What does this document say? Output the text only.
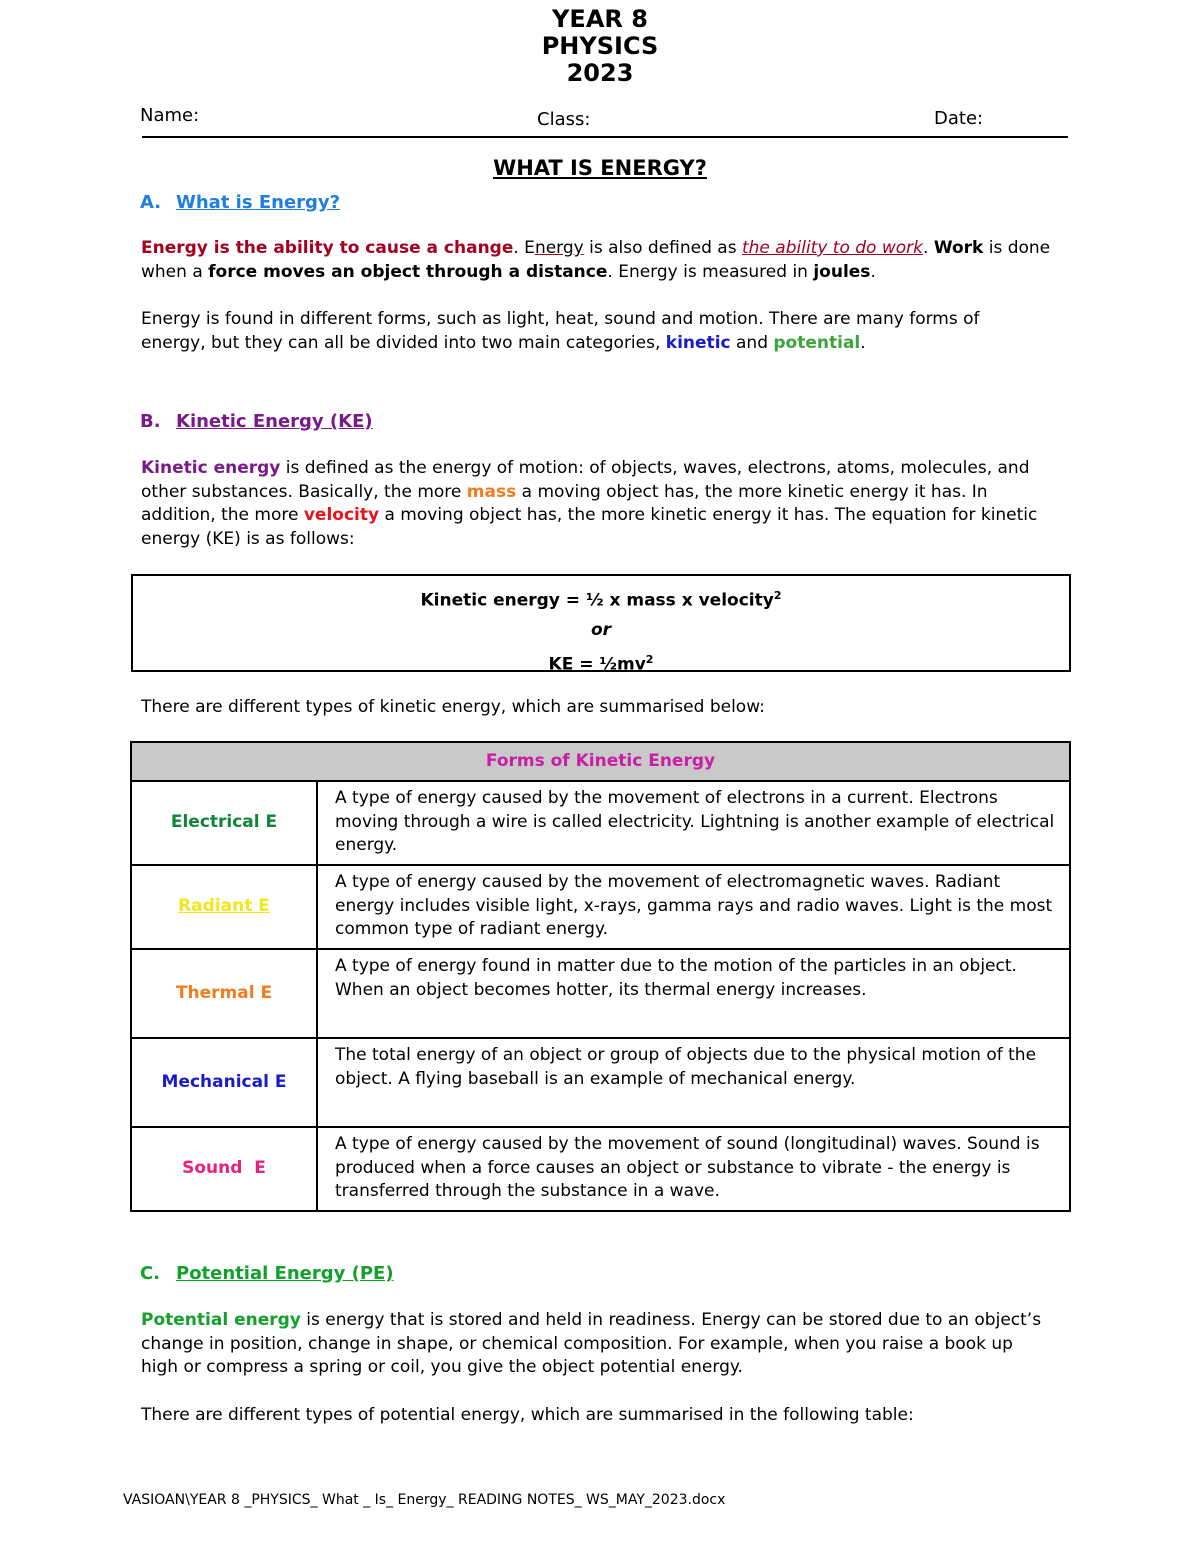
YEAR 8
PHYSICS
2023
Name:	Class:	Date:
WHAT IS ENERGY?
A. What is Energy?
Energy is the ability to cause a change. Energy is also defined as the ability to do work. Work is done when a force moves an object through a distance. Energy is measured in joules.
Energy is found in different forms, such as light, heat, sound and motion. There are many forms of energy, but they can all be divided into two main categories, kinetic and potential.
B. Kinetic Energy (KE)
Kinetic energy is defined as the energy of motion: of objects, waves, electrons, atoms, molecules, and other substances. Basically, the more mass a moving object has, the more kinetic energy it has. In addition, the more velocity a moving object has, the more kinetic energy it has. The equation for kinetic energy (KE) is as follows:
Kinetic energy = ½ x mass x velocity$^2$
or
KE = $\frac{1}{2}mv^2$
There are different types of kinetic energy, which are summarised below:
Forms of Kinetic Energy	
Electrical E	A type of energy caused by the movement of electrons in a current. Electrons moving through a wire is called electricity. Lightning is another example of electrical energy.
Radiant E	A type of energy caused by the movement of electromagnetic waves. Radiant energy includes visible light, x-rays, gamma rays and radio waves. Light is the most common type of radiant energy.
Thermal E	A type of energy found in matter due to the motion of the particles in an object. When an object becomes hotter, its thermal energy increases.
Mechanical E	The total energy of an object or group of objects due to the physical motion of the object. A flying baseball is an example of mechanical energy.
Sound  E	A type of energy caused by the movement of sound (longitudinal) waves. Sound is produced when a force causes an object or substance to vibrate - the energy is transferred through the substance in a wave.
C. Potential Energy (PE)
Potential energy is energy that is stored and held in readiness. Energy can be stored due to an object’s change in position, change in shape, or chemical composition. For example, when you raise a book up high or compress a spring or coil, you give the object potential energy.
There are different types of potential energy, which are summarised in the following table:
VASIOAN\YEAR 8 _PHYSICS_ What _ Is_ Energy_ READING NOTES_ WS_MAY_2023.docx
